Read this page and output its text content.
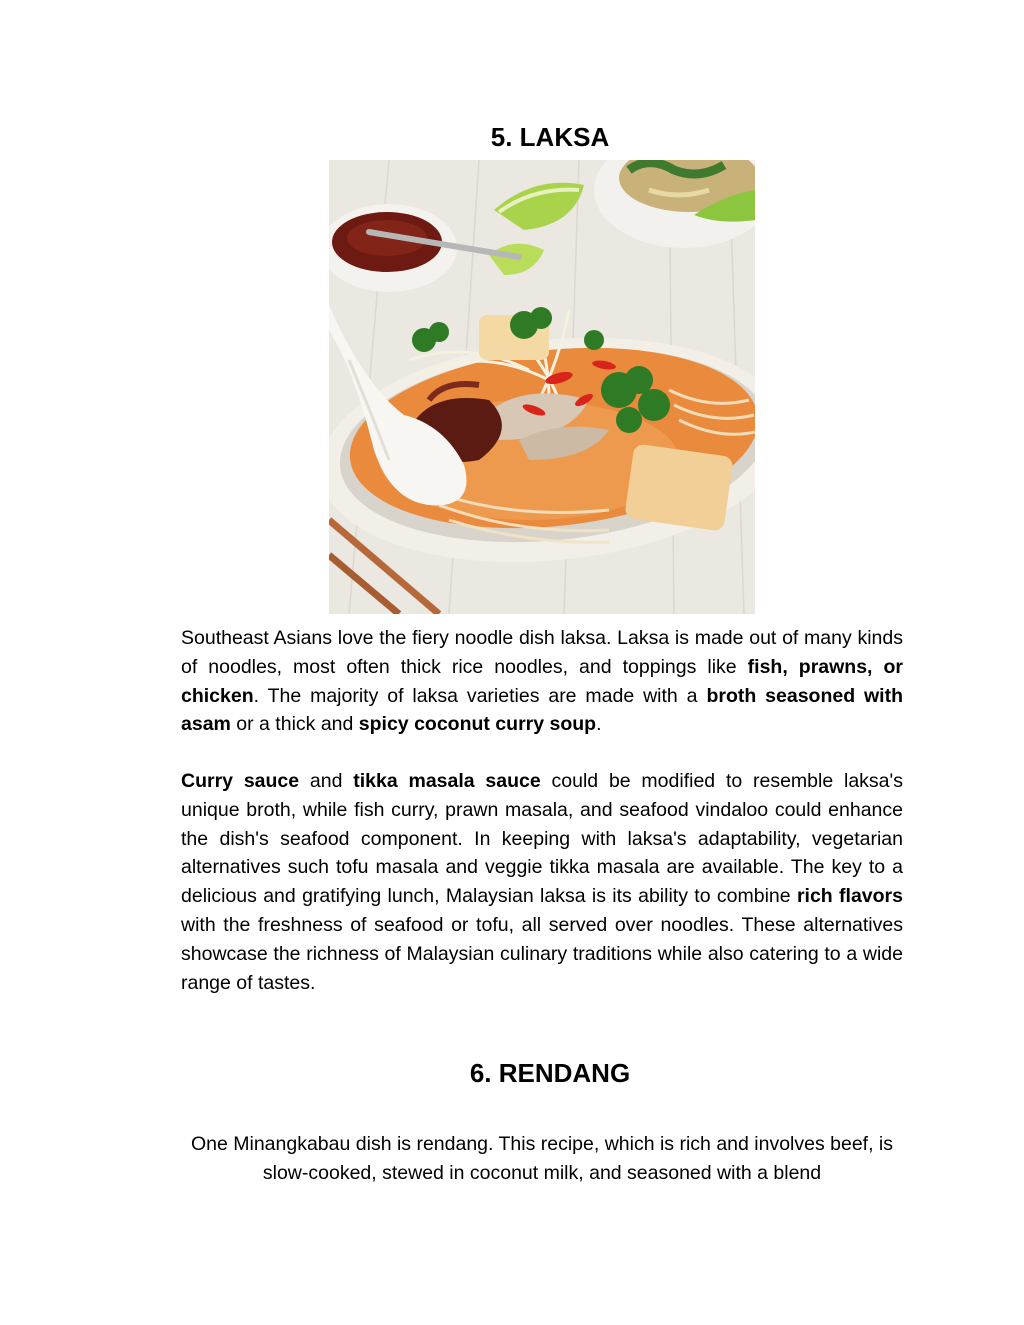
5. LAKSA

Southeast Asians love the fiery noodle dish laksa. Laksa is made out of many kinds of noodles, most often thick rice noodles, and toppings like fish, prawns, or chicken. The majority of laksa varieties are made with a broth seasoned with asam or a thick and spicy coconut curry soup.

Curry sauce and tikka masala sauce could be modified to resemble laksa's unique broth, while fish curry, prawn masala, and seafood vindaloo could enhance the dish's seafood component. In keeping with laksa's adaptability, vegetarian alternatives such tofu masala and veggie tikka masala are available. The key to a delicious and gratifying lunch, Malaysian laksa is its ability to combine rich flavors with the freshness of seafood or tofu, all served over noodles. These alternatives showcase the richness of Malaysian culinary traditions while also catering to a wide range of tastes.

6. RENDANG

One Minangkabau dish is rendang. This recipe, which is rich and involves beef, is slow-cooked, stewed in coconut milk, and seasoned with a blend
